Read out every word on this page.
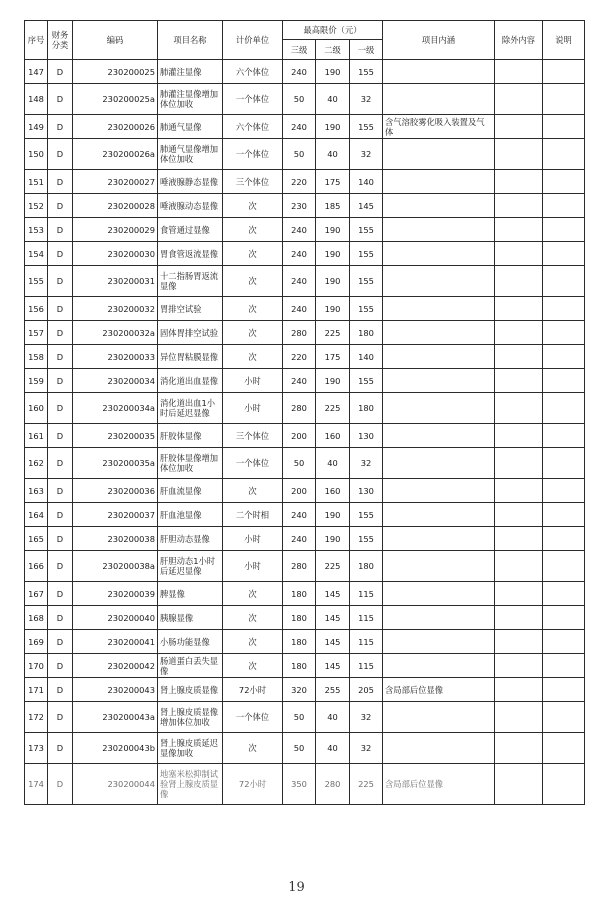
序号	财务分类	编码	项目名称	计价单位	最高限价（元）			项目内涵	除外内容	说明
					三级	二级	一级			
147	D	230200025	肺灌注显像	六个体位	240	190	155			
148	D	230200025a	肺灌注显像增加体位加收	一个体位	50	40	32			
149	D	230200026	肺通气显像	六个体位	240	190	155	含气溶胶雾化吸入装置及气体		
150	D	230200026a	肺通气显像增加体位加收	一个体位	50	40	32			
151	D	230200027	唾液腺静态显像	三个体位	220	175	140			
152	D	230200028	唾液腺动态显像	次	230	185	145			
153	D	230200029	食管通过显像	次	240	190	155			
154	D	230200030	胃食管返流显像	次	240	190	155			
155	D	230200031	十二指肠胃返流显像	次	240	190	155			
156	D	230200032	胃排空试验	次	240	190	155			
157	D	230200032a	固体胃排空试验	次	280	225	180			
158	D	230200033	异位胃粘膜显像	次	220	175	140			
159	D	230200034	消化道出血显像	小时	240	190	155			
160	D	230200034a	消化道出血1小时后延迟显像	小时	280	225	180			
161	D	230200035	肝胶体显像	三个体位	200	160	130			
162	D	230200035a	肝胶体显像增加体位加收	一个体位	50	40	32			
163	D	230200036	肝血流显像	次	200	160	130			
164	D	230200037	肝血池显像	二个时相	240	190	155			
165	D	230200038	肝胆动态显像	小时	240	190	155			
166	D	230200038a	肝胆动态1小时后延迟显像	小时	280	225	180			
167	D	230200039	脾显像	次	180	145	115			
168	D	230200040	胰腺显像	次	180	145	115			
169	D	230200041	小肠功能显像	次	180	145	115			
170	D	230200042	肠道蛋白丢失显像	次	180	145	115			
171	D	230200043	肾上腺皮质显像	72小时	320	255	205	含局部后位显像		
172	D	230200043a	肾上腺皮质显像增加体位加收	一个体位	50	40	32			
173	D	230200043b	肾上腺皮质延迟显像加收	次	50	40	32			
174	D	230200044	地塞米松抑制试验肾上腺皮质显像	72小时	350	280	225	含局部后位显像		
19
